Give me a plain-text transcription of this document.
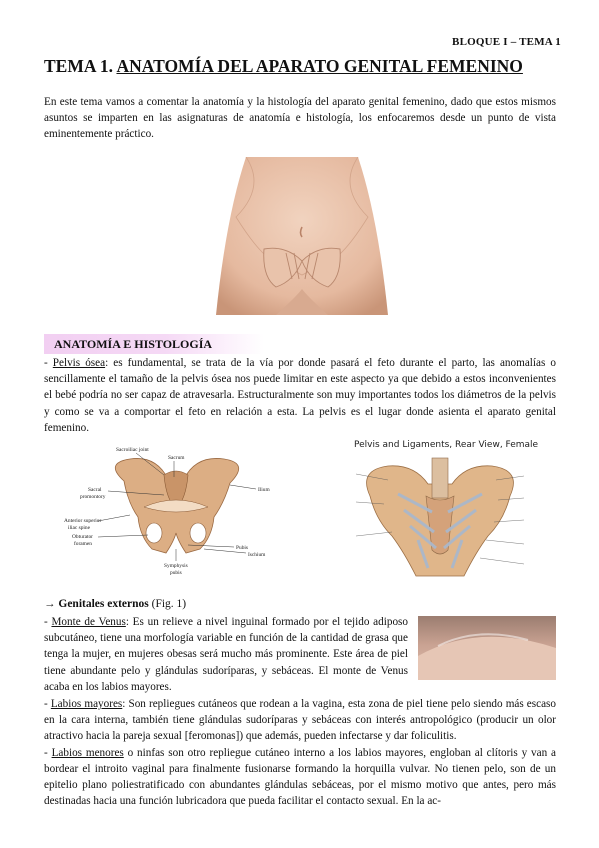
BLOQUE I – TEMA 1
TEMA 1. ANATOMÍA DEL APARATO GENITAL FEMENINO
En este tema vamos a comentar la anatomía y la histología del aparato genital femenino, dado que estos mismos asuntos se imparten en las asignaturas de anatomía e histología, los enfocaremos desde un punto de vista eminentemente práctico.
ANATOMÍA E HISTOLOGÍA
- Pelvis ósea: es fundamental, se trata de la vía por donde pasará el feto durante el parto, las anomalías o sencillamente el tamaño de la pelvis ósea nos puede limitar en este aspecto ya que debido a estos inconvenientes el bebé podría no ser capaz de atravesarla. Estructuralmente son muy importantes todos los diámetros de la pelvis y como se va a comportar el feto en relación a esta. La pelvis es el lugar donde asienta el aparato genital femenino.
Sacroiliac joint
Sacrum
Ilium
Sacral
promontory
Anterior superior
iliac spine
Obturator
foramen
Pubis
Ischium
Symphysis
pubis
Pelvis and Ligaments, Rear View, Female
→ Genitales externos (Fig. 1)
- Monte de Venus: Es un relieve a nivel inguinal formado por el tejido adiposo subcutáneo, tiene una morfología variable en función de la cantidad de grasa que tenga la mujer, en mujeres obesas será mucho más prominente. Este área de piel tiene abundante pelo y glándulas sudoríparas, y sebáceas. El monte de Venus acaba en los labios mayores.
- Labios mayores: Son repliegues cutáneos que rodean a la vagina, esta zona de piel tiene pelo siendo más escaso en la cara interna, también tiene glándulas sudoríparas y sebáceas con interés antropológico (producir un olor atractivo hacia la pareja sexual [feromonas]) que además, pueden infectarse y dar foliculitis.
- Labios menores o ninfas son otro repliegue cutáneo interno a los labios mayores, engloban al clítoris y van a bordear el introito vaginal para finalmente fusionarse formando la horquilla vulvar. No tienen pelo, son de un epitelio plano poliestratificado con abundantes glándulas sebáceas, por el mismo motivo que antes, pero más destinadas hacia una función lubricadora que pueda facilitar el contacto sexual. En la ac-
